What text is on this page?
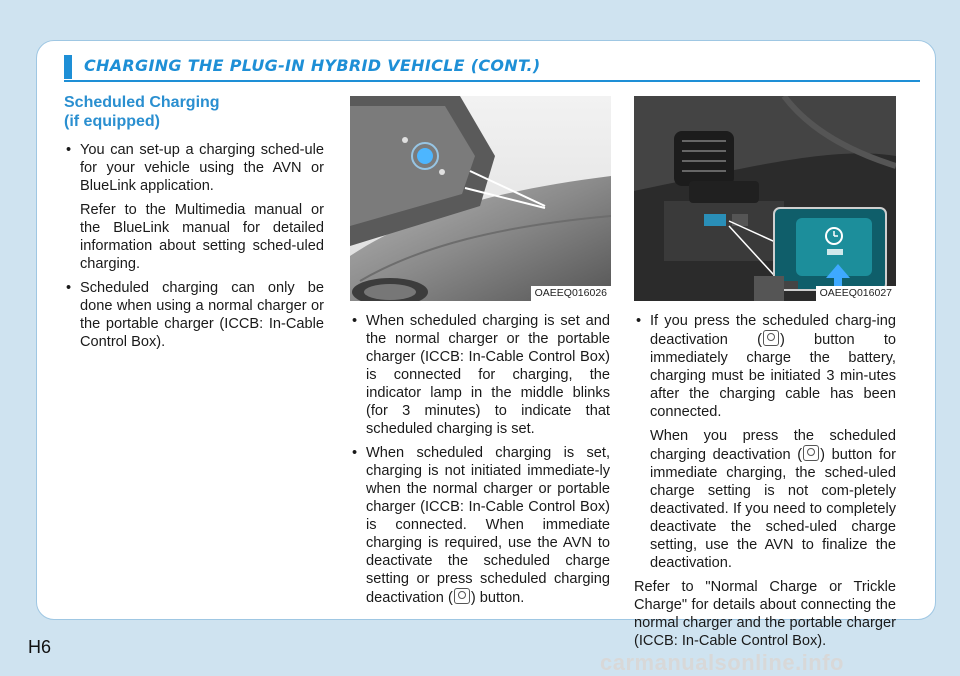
CHARGING THE PLUG-IN HYBRID VEHICLE (CONT.)
Scheduled Charging
(if equipped)

• You can set-up a charging sched-ule for your vehicle using the AVN or BlueLink application.

Refer to the Multimedia manual or the BlueLink manual for detailed information about setting sched-uled charging.

• Scheduled charging can only be done when using a normal charger or the portable charger (ICCB: In-Cable Control Box).

OAEEQ016026	OAEEQ016027

• When scheduled charging is set and the normal charger or the portable charger (ICCB: In-Cable Control Box) is connected for charging, the indicator lamp in the middle blinks (for 3 minutes) to indicate that scheduled charging is set.

• When scheduled charging is set, charging is not initiated immediate-ly when the normal charger or portable charger (ICCB: In-Cable Control Box) is connected. When immediate charging is required, use the AVN to deactivate the scheduled charge setting or press scheduled charging deactivation ( ) button.

• If you press the scheduled charg-ing deactivation ( ) button to immediately charge the battery, charging must be initiated 3 min-utes after the charging cable has been connected.

When you press the scheduled charging deactivation ( ) button for immediate charging, the sched-uled charge setting is not com-pletely deactivated. If you need to completely deactivate the sched-uled charge setting, use the AVN to finalize the deactivation.

Refer to "Normal Charge or Trickle Charge" for details about connecting the normal charger and the portable charger (ICCB: In-Cable Control Box).

H6
carmanualsonline.info
